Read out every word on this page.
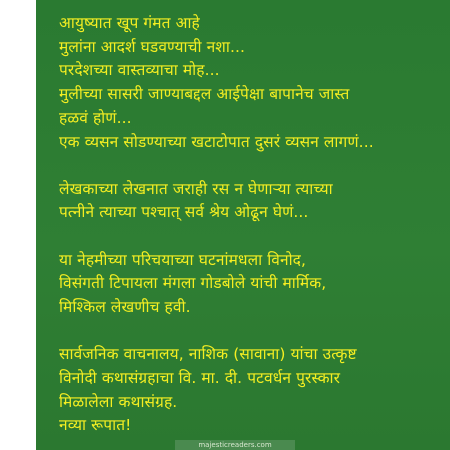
आयुष्यात खूप गंमत आहे
मुलांना आदर्श घडवण्याची नशा...
परदेशच्या वास्तव्याचा मोह...
मुलीच्या सासरी जाण्याबद्दल आईपेक्षा बापानेच जास्त
हळवं होणं...
एक व्यसन सोडण्याच्या खटाटोपात दुसरं व्यसन लागणं...

लेखकाच्या लेखनात जराही रस न घेणाऱ्या त्याच्या
पत्नीने त्याच्या पश्चात् सर्व श्रेय ओढून घेणं...

या नेहमीच्या परिचयाच्या घटनांमधला विनोद,
विसंगती टिपायला मंगला गोडबोले यांची मार्मिक,
मिश्किल लेखणीच हवी.

सार्वजनिक वाचनालय, नाशिक (सावाना) यांचा उत्कृष्ट
विनोदी कथासंग्रहाचा वि. मा. दी. पटवर्धन पुरस्कार
मिळालेला कथासंग्रह.
नव्या रूपात!

majesticreaders.com
